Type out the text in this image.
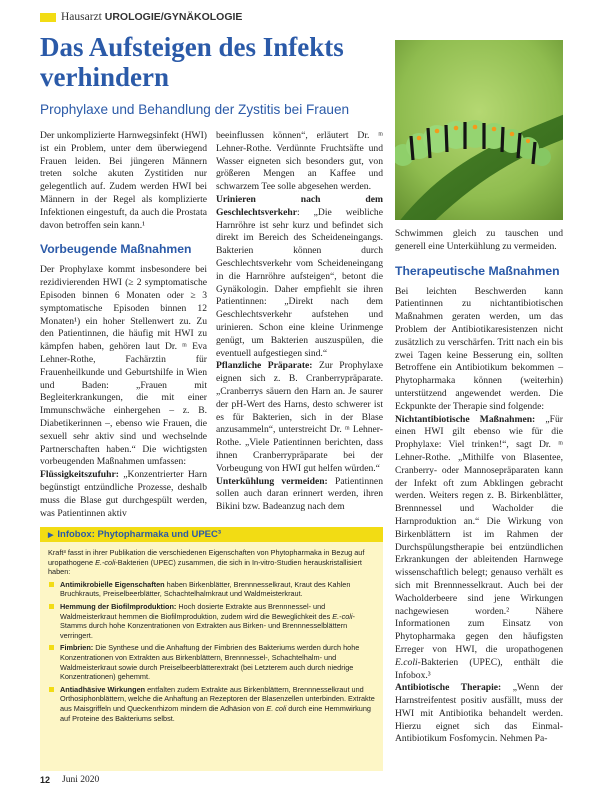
Hausarzt UROLOGIE/GYNÄKOLOGIE
Das Aufsteigen des Infekts verhindern
Prophylaxe und Behandlung der Zystitis bei Frauen

Der unkomplizierte Harnwegsinfekt (HWI) ist ein Problem, unter dem überwiegend Frauen leiden. Bei jüngeren Männern treten solche akuten Zystitiden nur gelegentlich auf. Zudem werden HWI bei Männern in der Regel als komplizierte Infektionen eingestuft, da auch die Prostata davon betroffen sein kann.¹

Vorbeugende Maßnahmen

Der Prophylaxe kommt insbesondere bei rezidivierenden HWI (≥ 2 symptomatische Episoden binnen 6 Monaten oder ≥ 3 symptomatische Episoden binnen 12 Monaten¹) ein hoher Stellenwert zu. Zu den Patientinnen, die häufig mit HWI zu kämpfen haben, gehören laut Dr. ᵐ Eva Lehner-Rothe, Fachärztin für Frauenheilkunde und Geburtshilfe in Wien und Baden: „Frauen mit Begleiterkrankungen, die mit einer Immunschwäche einhergehen – z. B. Diabetikerinnen –, ebenso wie Frauen, die sexuell sehr aktiv sind und wechselnde Partnerschaften haben.“ Die wichtigsten vorbeugenden Maßnahmen umfassen:

Flüssigkeitszufuhr: „Konzentrierter Harn begünstigt entzündliche Prozesse, deshalb muss die Blase gut durchgespült werden, was Patientinnen aktiv

beeinflussen können“, erläutert Dr. ᵐ Lehner-Rothe. Verdünnte Fruchtsäfte und Wasser eigneten sich besonders gut, von größeren Mengen an Kaffee und schwarzem Tee solle abgesehen werden.

Urinieren nach dem Geschlechtsverkehr: „Die weibliche Harnröhre ist sehr kurz und befindet sich direkt im Bereich des Scheideneingangs. Bakterien können durch Geschlechtsverkehr vom Scheideneingang in die Harnröhre aufsteigen“, betont die Gynäkologin. Daher empfiehlt sie ihren Patientinnen: „Direkt nach dem Geschlechtsverkehr aufstehen und urinieren. Schon eine kleine Urinmenge genügt, um Bakterien auszuspülen, die eventuell aufgestiegen sind.“

Pflanzliche Präparate: Zur Prophylaxe eignen sich z. B. Cranberrypräparate. „Cranberrys säuern den Harn an. Je saurer der pH-Wert des Harns, desto schwerer ist es für Bakterien, sich in der Blase anzusammeln“, unterstreicht Dr. ᵐ Lehner-Rothe. „Viele Patientinnen berichten, dass ihnen Cranberrypräparate bei der Vorbeugung von HWI gut helfen würden.“

Unterkühlung vermeiden: Patientinnen sollen auch daran erinnert werden, ihren Bikini bzw. Badeanzug nach dem

Schwimmen gleich zu tauschen und generell eine Unterkühlung zu vermeiden.

Therapeutische Maßnahmen

Bei leichten Beschwerden kann Patientinnen zu nichtantibiotischen Maßnahmen geraten werden, um das Problem der Antibiotikaresistenzen nicht zusätzlich zu verschärfen. Tritt nach ein bis zwei Tagen keine Besserung ein, sollten Betroffene ein Antibiotikum bekommen – Phytopharmaka können (weiterhin) unterstützend angewendet werden. Die Eckpunkte der Therapie sind folgende:

Nichtantibiotische Maßnahmen: „Für einen HWI gilt ebenso wie für die Prophylaxe: Viel trinken!“, sagt Dr. ᵐ Lehner-Rothe. „Mithilfe von Blasentee, Cranberry- oder Mannosepräparaten kann der Infekt oft zum Abklingen gebracht werden. Weiters regen z. B. Birkenblätter, Brennnessel und Wacholder die Harnproduktion an.“ Die Wirkung von Birkenblättern ist im Rahmen der Durchspülungstherapie bei entzündlichen Erkrankungen der ableitenden Harnwege wissenschaftlich belegt; genauso verhält es sich mit Brennnesselkraut. Auch bei der Wacholderbeere sind jene Wirkungen nachgewiesen worden.² Nähere Informationen zum Einsatz von Phytopharmaka gegen den häufigsten Erreger von HWI, die uropathogenen E.coli-Bakterien (UPEC), enthält die Infobox.³

Antibiotische Therapie: „Wenn der Harnstreifentest positiv ausfällt, muss der HWI mit Antibiotika behandelt werden. Hierzu eignet sich das Einmal-Antibiotikum Fosfomycin. Nehmen Pa-

▶ Infobox: Phytopharmaka und UPEC³

Kraft³ fasst in ihrer Publikation die verschiedenen Eigenschaften von Phytopharmaka in Bezug auf uropathogene E.-coli-Bakterien (UPEC) zusammen, die sich in In-vitro-Studien herauskristallisiert haben:

Antimikrobielle Eigenschaften haben Birkenblätter, Brennnesselkraut, Kraut des Kahlen Bruchkrauts, Preiselbeerblätter, Schachtelhalmkraut und Waldmeisterkraut.
Hemmung der Biofilmproduktion: Hoch dosierte Extrakte aus Brennnessel- und Waldmeisterkraut hemmen die Biofilmproduktion, zudem wird die Beweglichkeit des E.-coli-Stamms durch hohe Konzentrationen von Extrakten aus Birken- und Brennnesselblättern verringert.
Fimbrien: Die Synthese und die Anhaftung der Fimbrien des Bakteriums werden durch hohe Konzentrationen von Extrakten aus Birkenblättern, Brennnessel-, Schachtelhalm- und Waldmeisterkraut sowie durch Preiselbeerblätterextrakt (bei Letzterem auch durch niedrige Konzentrationen) gehemmt.
Antiadhäsive Wirkungen entfalten zudem Extrakte aus Birkenblättern, Brennnesselkraut und Orthosiphonblättern, welche die Anhaftung an Rezeptoren der Blasenzellen unterbinden. Extrakte aus Maisgriffeln und Queckenrhizom mindern die Adhäsion von E. coli durch eine Hemmwirkung auf Proteine des Bakteriums selbst.
12 Juni 2020
